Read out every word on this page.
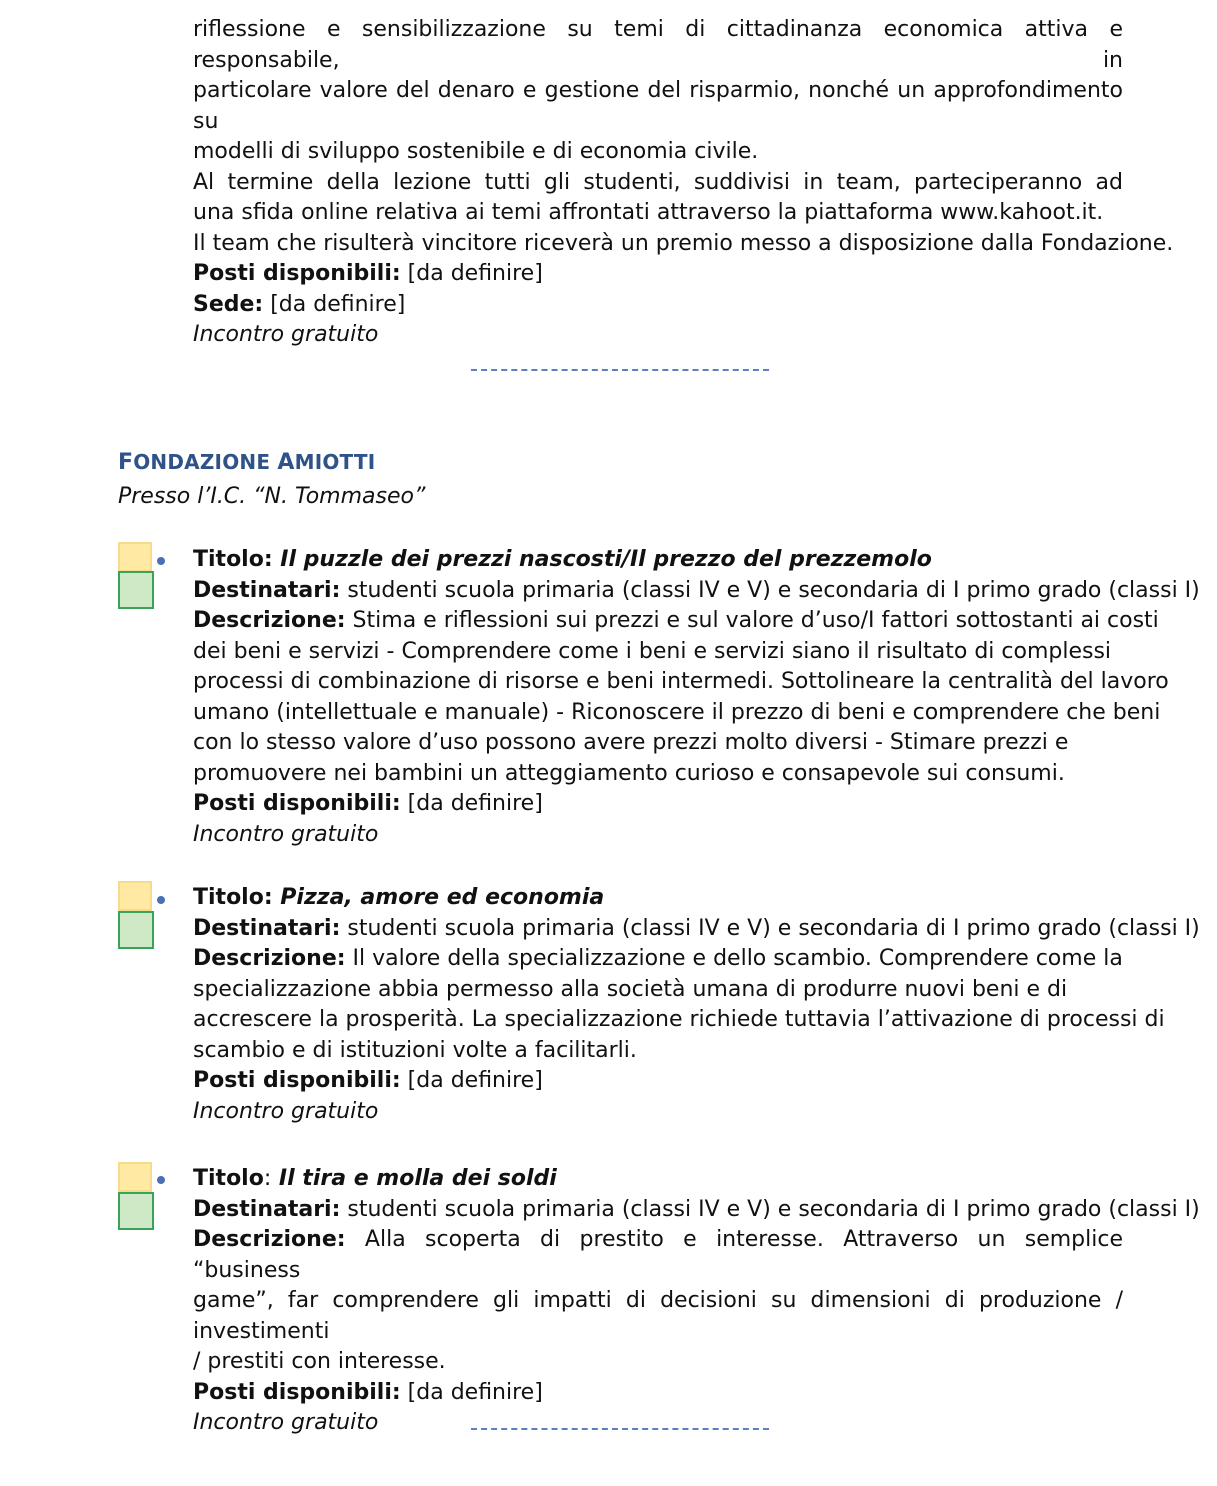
riflessione e sensibilizzazione su temi di cittadinanza economica attiva e responsabile, in
particolare valore del denaro e gestione del risparmio, nonché un approfondimento su
modelli di sviluppo sostenibile e di economia civile.
Al termine della lezione tutti gli studenti, suddivisi in team, parteciperanno ad
una sfida online relativa ai temi affrontati attraverso la piattaforma www.kahoot.it.
Il team che risulterà vincitore riceverà un premio messo a disposizione dalla Fondazione.
Posti disponibili: [da definire]
Sede: [da definire]
Incontro gratuito
FONDAZIONE AMIOTTI
Presso l’I.C. “N. Tommaseo”
Titolo: Il puzzle dei prezzi nascosti/Il prezzo del prezzemolo
Destinatari: studenti scuola primaria (classi IV e V) e secondaria di I primo grado (classi I)
Descrizione: Stima e riflessioni sui prezzi e sul valore d’uso/I fattori sottostanti ai costi
dei beni e servizi - Comprendere come i beni e servizi siano il risultato di complessi
processi di combinazione di risorse e beni intermedi. Sottolineare la centralità del lavoro
umano (intellettuale e manuale) - Riconoscere il prezzo di beni e comprendere che beni
con lo stesso valore d’uso possono avere prezzi molto diversi - Stimare prezzi e
promuovere nei bambini un atteggiamento curioso e consapevole sui consumi.
Posti disponibili: [da definire]
Incontro gratuito
Titolo: Pizza, amore ed economia
Destinatari: studenti scuola primaria (classi IV e V) e secondaria di I primo grado (classi I)
Descrizione: Il valore della specializzazione e dello scambio. Comprendere come la
specializzazione abbia permesso alla società umana di produrre nuovi beni e di
accrescere la prosperità. La specializzazione richiede tuttavia l’attivazione di processi di
scambio e di istituzioni volte a facilitarli.
Posti disponibili: [da definire]
Incontro gratuito
Titolo: Il tira e molla dei soldi
Destinatari: studenti scuola primaria (classi IV e V) e secondaria di I primo grado (classi I)
Descrizione: Alla scoperta di prestito e interesse. Attraverso un semplice “business
game”, far comprendere gli impatti di decisioni su dimensioni di produzione / investimenti
/ prestiti con interesse.
Posti disponibili: [da definire]
Incontro gratuito
